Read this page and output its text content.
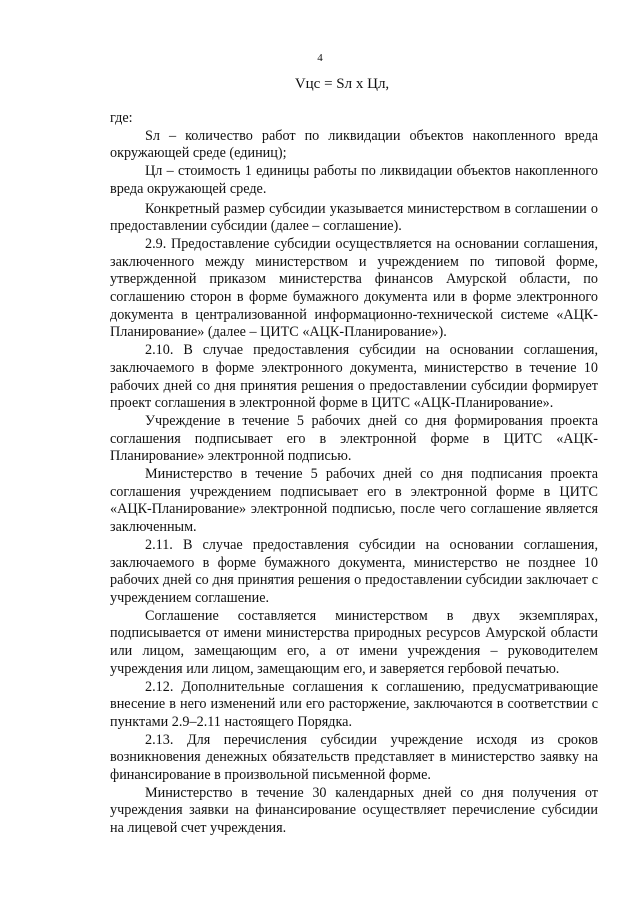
4
Vцс = Sл х Цл,

где:

Sл – количество работ по ликвидации объектов накопленного вреда окружающей среде (единиц);

Цл – стоимость 1 единицы работы по ликвидации объектов накопленного вреда окружающей среде.

Конкретный размер субсидии указывается министерством в соглашении о предоставлении субсидии (далее – соглашение).

2.9. Предоставление субсидии осуществляется на основании соглашения, заключенного между министерством и учреждением по типовой форме, утвержденной приказом министерства финансов Амурской области, по соглашению сторон в форме бумажного документа или в форме электронного документа в централизованной информационно-технической системе «АЦК-Планирование» (далее – ЦИТС «АЦК-Планирование»).

2.10. В случае предоставления субсидии на основании соглашения, заключаемого в форме электронного документа, министерство в течение 10 рабочих дней со дня принятия решения о предоставлении субсидии формирует проект соглашения в электронной форме в ЦИТС «АЦК-Планирование».

Учреждение в течение 5 рабочих дней со дня формирования проекта соглашения подписывает его в электронной форме в ЦИТС «АЦК-Планирование» электронной подписью.

Министерство в течение 5 рабочих дней со дня подписания проекта соглашения учреждением подписывает его в электронной форме в ЦИТС «АЦК-Планирование» электронной подписью, после чего соглашение является заключенным.

2.11. В случае предоставления субсидии на основании соглашения, заключаемого в форме бумажного документа, министерство не позднее 10 рабочих дней со дня принятия решения о предоставлении субсидии заключает с учреждением соглашение.

Соглашение составляется министерством в двух экземплярах, подписывается от имени министерства природных ресурсов Амурской области или лицом, замещающим его, а от имени учреждения – руководителем учреждения или лицом, замещающим его, и заверяется гербовой печатью.

2.12. Дополнительные соглашения к соглашению, предусматривающие внесение в него изменений или его расторжение, заключаются в соответствии с пунктами 2.9–2.11 настоящего Порядка.

2.13. Для перечисления субсидии учреждение исходя из сроков возникновения денежных обязательств представляет в министерство заявку на финансирование в произвольной письменной форме.

Министерство в течение 30 календарных дней со дня получения от учреждения заявки на финансирование осуществляет перечисление субсидии на лицевой счет учреждения.
